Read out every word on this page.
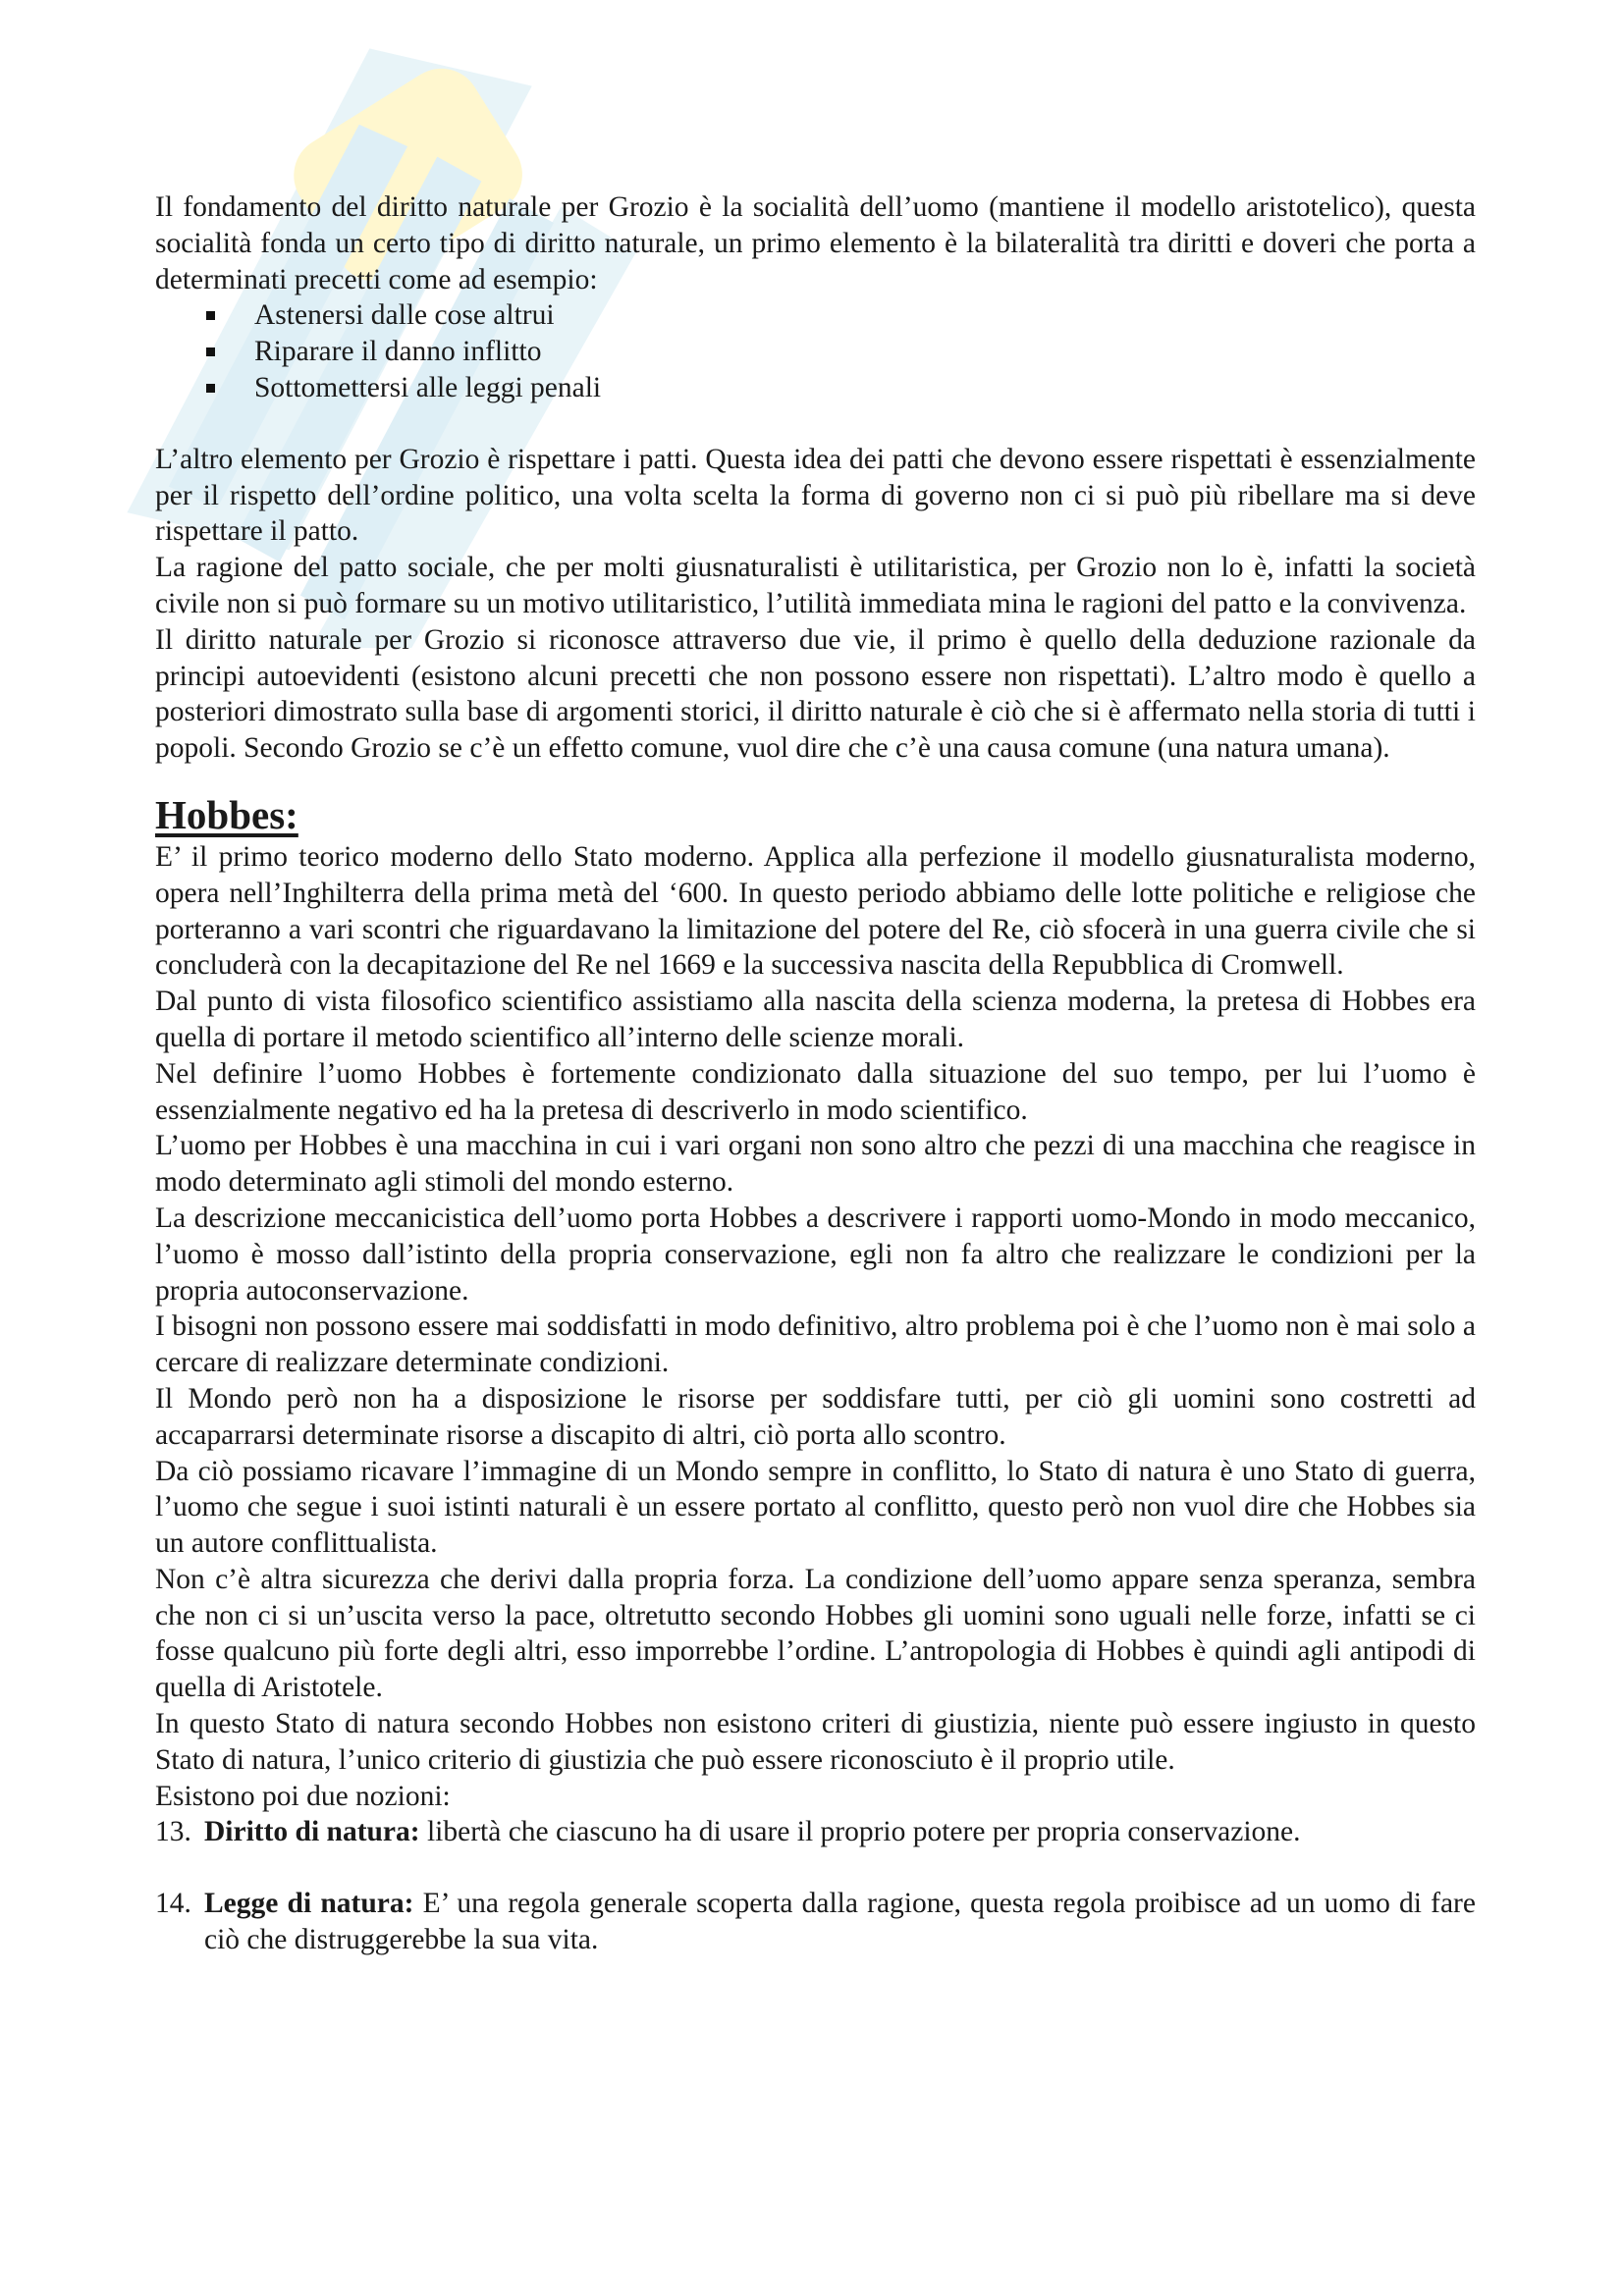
Il fondamento del diritto naturale per Grozio è la socialità dell’uomo (mantiene il modello aristotelico), questa socialità fonda un certo tipo di diritto naturale, un primo elemento è la bilateralità tra diritti e doveri che porta a determinati precetti come ad esempio:

Astenersi dalle cose altrui
Riparare il danno inflitto
Sottomettersi alle leggi penali

L’altro elemento per Grozio è rispettare i patti. Questa idea dei patti che devono essere rispettati è essenzialmente per il rispetto dell’ordine politico, una volta scelta la forma di governo non ci si può più ribellare ma si deve rispettare il patto.

La ragione del patto sociale, che per molti giusnaturalisti è utilitaristica, per Grozio non lo è, infatti la società civile non si può formare su un motivo utilitaristico, l’utilità immediata mina le ragioni del patto e la convivenza.

Il diritto naturale per Grozio si riconosce attraverso due vie, il primo è quello della deduzione razionale da principi autoevidenti (esistono alcuni precetti che non possono essere non rispettati). L’altro modo è quello a posteriori dimostrato sulla base di argomenti storici, il diritto naturale è ciò che si è affermato nella storia di tutti i popoli. Secondo Grozio se c’è un effetto comune, vuol dire che c’è una causa comune (una natura umana).

Hobbes:

E’ il primo teorico moderno dello Stato moderno. Applica alla perfezione il modello giusnaturalista moderno, opera nell’Inghilterra della prima metà del ‘600. In questo periodo abbiamo delle lotte politiche e religiose che porteranno a vari scontri che riguardavano la limitazione del potere del Re, ciò sfocerà in una guerra civile che si concluderà con la decapitazione del Re nel 1669 e la successiva nascita della Repubblica di Cromwell.

Dal punto di vista filosofico scientifico assistiamo alla nascita della scienza moderna, la pretesa di Hobbes era quella di portare il metodo scientifico all’interno delle scienze morali.

Nel definire l’uomo Hobbes è fortemente condizionato dalla situazione del suo tempo, per lui l’uomo è essenzialmente negativo ed ha la pretesa di descriverlo in modo scientifico.

L’uomo per Hobbes è una macchina in cui i vari organi non sono altro che pezzi di una macchina che reagisce in modo determinato agli stimoli del mondo esterno.

La descrizione meccanicistica dell’uomo porta Hobbes a descrivere i rapporti uomo-Mondo in modo meccanico, l’uomo è mosso dall’istinto della propria conservazione, egli non fa altro che realizzare le condizioni per la propria autoconservazione.

I bisogni non possono essere mai soddisfatti in modo definitivo, altro problema poi è che l’uomo non è mai solo a cercare di realizzare determinate condizioni.

Il Mondo però non ha a disposizione le risorse per soddisfare tutti, per ciò gli uomini sono costretti ad accaparrarsi determinate risorse a discapito di altri, ciò porta allo scontro.

Da ciò possiamo ricavare l’immagine di un Mondo sempre in conflitto, lo Stato di natura è uno Stato di guerra, l’uomo che segue i suoi istinti naturali è un essere portato al conflitto, questo però non vuol dire che Hobbes sia un autore conflittualista.

Non c’è altra sicurezza che derivi dalla propria forza. La condizione dell’uomo appare senza speranza, sembra che non ci si un’uscita verso la pace, oltretutto secondo Hobbes gli uomini sono uguali nelle forze, infatti se ci fosse qualcuno più forte degli altri, esso imporrebbe l’ordine. L’antropologia di Hobbes è quindi agli antipodi di quella di Aristotele.

In questo Stato di natura secondo Hobbes non esistono criteri di giustizia, niente può essere ingiusto in questo Stato di natura, l’unico criterio di giustizia che può essere riconosciuto è il proprio utile.

Esistono poi due nozioni:

13. Diritto di natura: libertà che ciascuno ha di usare il proprio potere per propria conservazione.
14. Legge di natura: E’ una regola generale scoperta dalla ragione, questa regola proibisce ad un uomo di fare ciò che distruggerebbe la sua vita.
